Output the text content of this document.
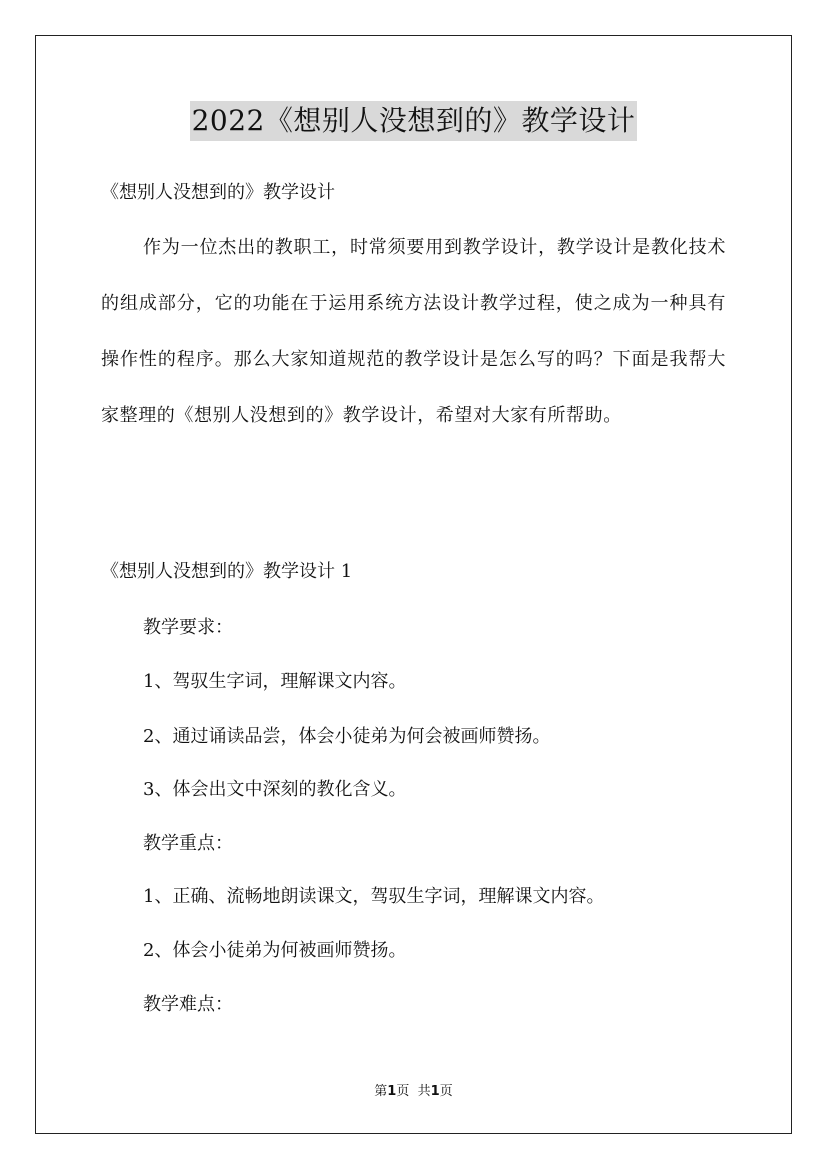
2022《想别人没想到的》教学设计
《想别人没想到的》教学设计
作为一位杰出的教职工，时常须要用到教学设计，教学设计是教化技术的组成部分，它的功能在于运用系统方法设计教学过程，使之成为一种具有操作性的程序。那么大家知道规范的教学设计是怎么写的吗？下面是我帮大家整理的《想别人没想到的》教学设计，希望对大家有所帮助。
《想别人没想到的》教学设计 1
教学要求：
1、驾驭生字词，理解课文内容。
2、通过诵读品尝，体会小徒弟为何会被画师赞扬。
3、体会出文中深刻的教化含义。
教学重点：
1、正确、流畅地朗读课文，驾驭生字词，理解课文内容。
2、体会小徒弟为何被画师赞扬。
教学难点：
第1页 共1页
